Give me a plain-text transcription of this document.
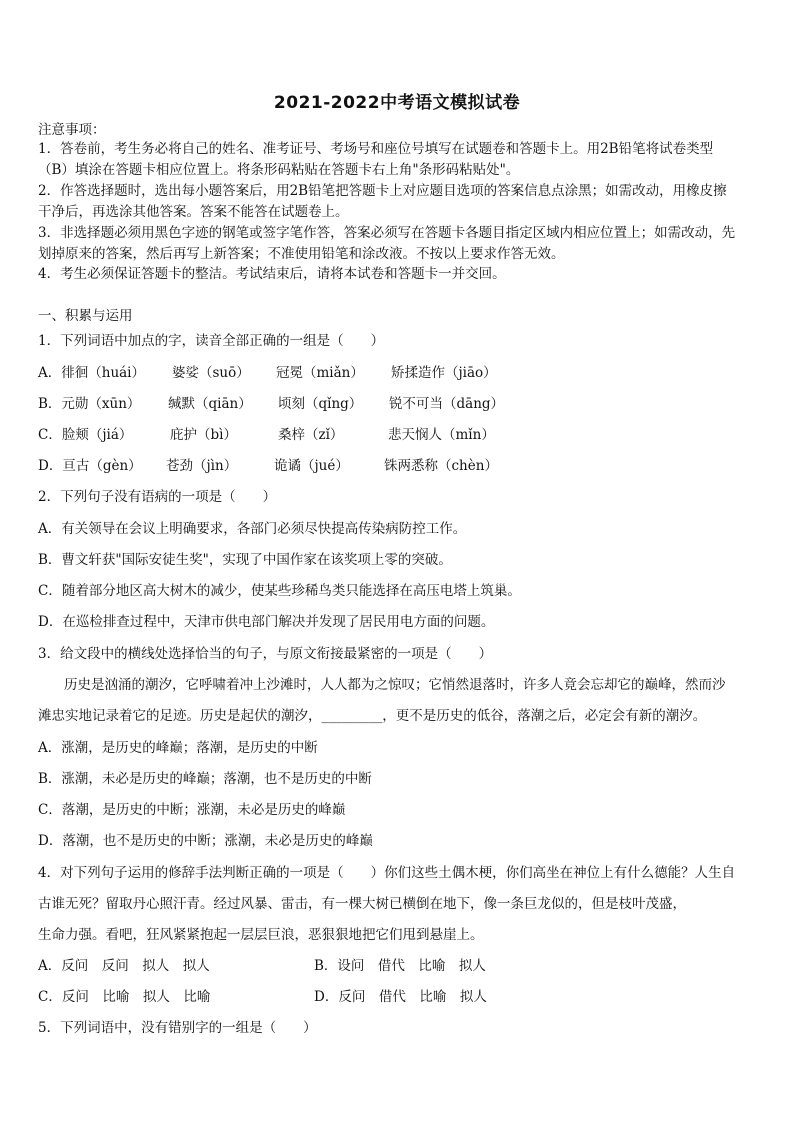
2021-2022中考语文模拟试卷
注意事项：
1．答卷前，考生务必将自己的姓名、准考证号、考场号和座位号填写在试题卷和答题卡上。用2B铅笔将试卷类型
（B）填涂在答题卡相应位置上。将条形码粘贴在答题卡右上角"条形码粘贴处"。
2．作答选择题时，选出每小题答案后，用2B铅笔把答题卡上对应题目选项的答案信息点涂黑；如需改动，用橡皮擦
干净后，再选涂其他答案。答案不能答在试题卷上。
3．非选择题必须用黑色字迹的钢笔或签字笔作答，答案必须写在答题卡各题目指定区域内相应位置上；如需改动，先
划掉原来的答案，然后再写上新答案；不准使用铅笔和涂改液。不按以上要求作答无效。
4．考生必须保证答题卡的整洁。考试结束后，请将本试卷和答题卡一并交回。
一、积累与运用
1．下列词语中加点的字，读音全部正确的一组是（　　）
A．徘徊（huái） 婆娑（suō） 冠冕（miǎn） 矫揉造作（jiāo）
B．元勋（xūn） 缄默（qiān） 顷刻（qǐng） 锐不可当（dāng）
C．脸颊（jiá）	庇护（bì）	桑梓（zǐ）	悲天悯人（mǐn）
D．亘古（gèn） 苍劲（jìn）	诡谲（jué）	铢两悉称（chèn）
2．下列句子没有语病的一项是（　　）
A．有关领导在会议上明确要求，各部门必须尽快提高传染病防控工作。
B．曹文轩获"国际安徒生奖"，实现了中国作家在该奖项上零的突破。
C．随着部分地区高大树木的减少，使某些珍稀鸟类只能选择在高压电塔上筑巢。
D．在巡检排查过程中，天津市供电部门解决并发现了居民用电方面的问题。
3．给文段中的横线处选择恰当的句子，与原文衔接最紧密的一项是（　　）
历史是汹涌的潮汐，它呼啸着冲上沙滩时，人人都为之惊叹；它悄然退落时，许多人竟会忘却它的巅峰，然而沙
滩忠实地记录着它的足迹。历史是起伏的潮汐，_________，更不是历史的低谷，落潮之后，必定会有新的潮汐。
A．涨潮，是历史的峰巅；落潮，是历史的中断
B．涨潮，未必是历史的峰巅；落潮，也不是历史的中断
C．落潮，是历史的中断；涨潮，未必是历史的峰巅
D．落潮，也不是历史的中断；涨潮，未必是历史的峰巅
4．对下列句子运用的修辞手法判断正确的一项是（　　）你们这些土偶木梗，你们高坐在神位上有什么德能？人生自
古谁无死？留取丹心照汗青。经过风暴、雷击，有一棵大树已横倒在地下，像一条巨龙似的，但是枝叶茂盛，
生命力强。看吧，狂风紧紧抱起一层层巨浪，恶狠狠地把它们甩到悬崖上。
A．反问　反问　拟人　拟人	B．设问　借代　比喻　拟人
C．反问　比喻　拟人　比喻	D．反问　借代　比喻　拟人
5．下列词语中，没有错别字的一组是（　　）
